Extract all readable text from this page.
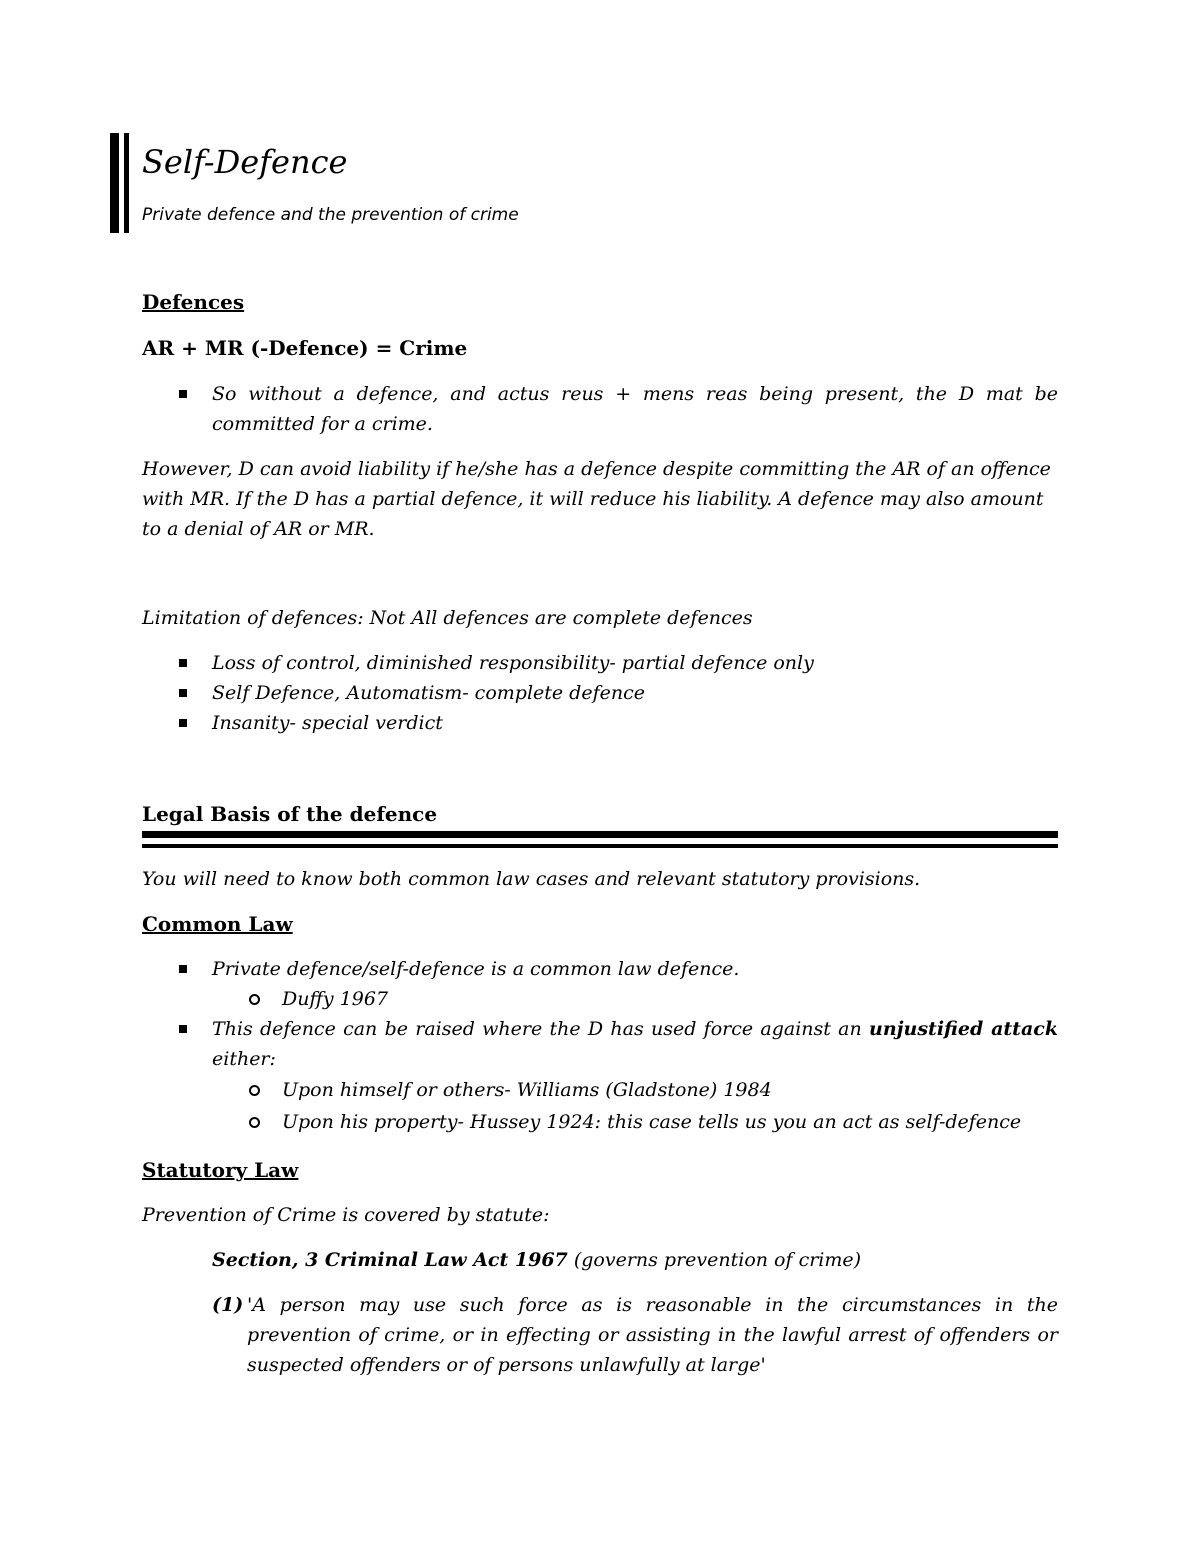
Self-Defence
Private defence and the prevention of crime
Defences
AR + MR (-Defence) = Crime
So without a defence, and actus reus + mens reas being present, the D mat be committed for a crime.
However, D can avoid liability if he/she has a defence despite committing the AR of an offence with MR. If the D has a partial defence, it will reduce his liability. A defence may also amount to a denial of AR or MR.
Limitation of defences: Not All defences are complete defences
Loss of control, diminished responsibility- partial defence only
Self Defence, Automatism- complete defence
Insanity- special verdict
Legal Basis of the defence
You will need to know both common law cases and relevant statutory provisions.
Common Law
Private defence/self-defence is a common law defence.
Duffy 1967
This defence can be raised where the D has used force against an unjustified attack either:
Upon himself or others- Williams (Gladstone) 1984
Upon his property- Hussey 1924: this case tells us you an act as self-defence
Statutory Law
Prevention of Crime is covered by statute:
Section, 3 Criminal Law Act 1967 (governs prevention of crime)
(1) 'A person may use such force as is reasonable in the circumstances in the prevention of crime, or in effecting or assisting in the lawful arrest of offenders or suspected offenders or of persons unlawfully at large'
